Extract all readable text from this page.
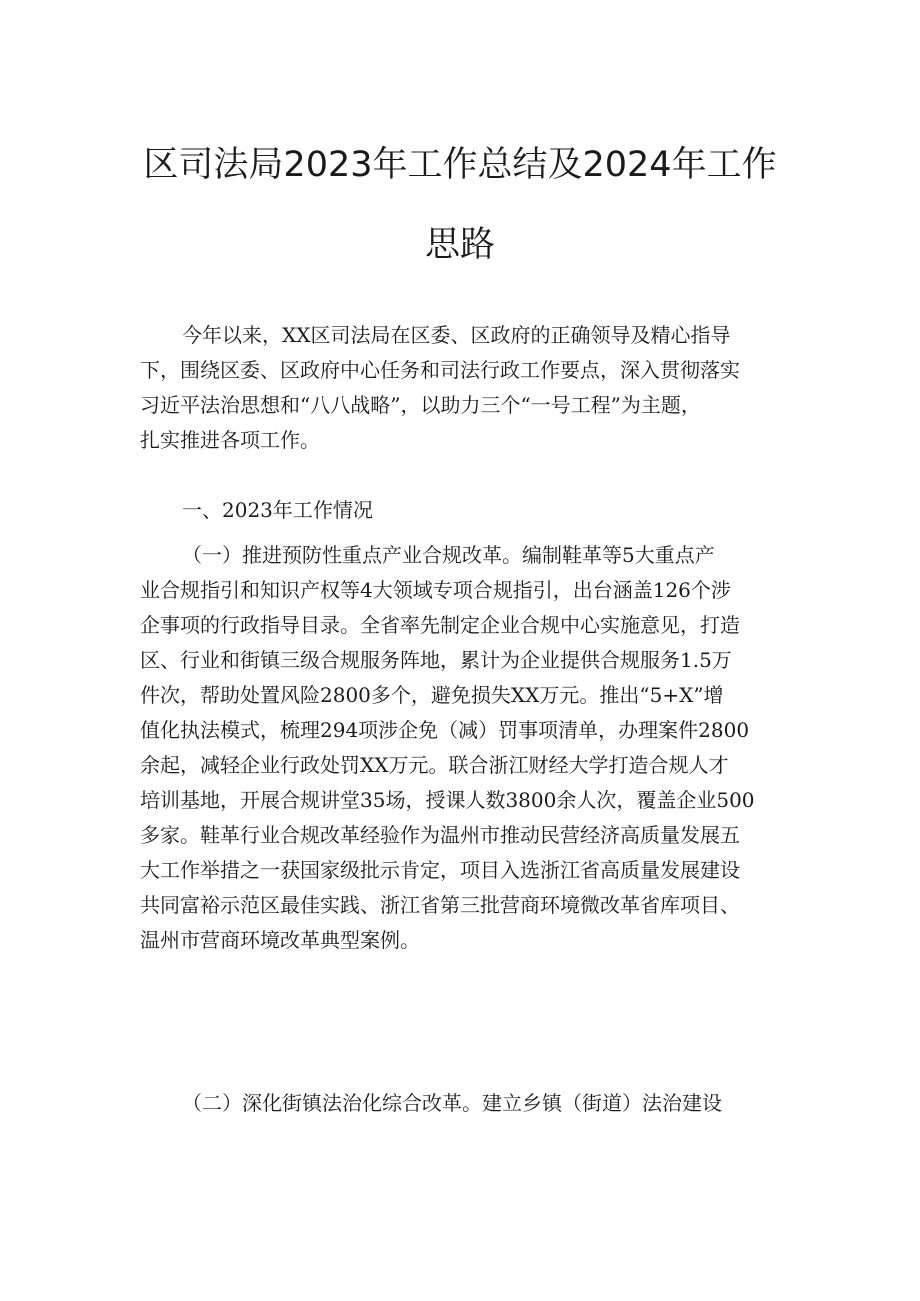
区司法局2023年工作总结及2024年工作
思路
今年以来，XX区司法局在区委、区政府的正确领导及精心指导
下，围绕区委、区政府中心任务和司法行政工作要点，深入贯彻落实
习近平法治思想和“八八战略”，以助力三个“一号工程”为主题，
扎实推进各项工作。
一、2023年工作情况
（一）推进预防性重点产业合规改革。编制鞋革等5大重点产
业合规指引和知识产权等4大领域专项合规指引，出台涵盖126个涉
企事项的行政指导目录。全省率先制定企业合规中心实施意见，打造
区、行业和街镇三级合规服务阵地，累计为企业提供合规服务1.5万
件次，帮助处置风险2800多个，避免损失XX万元。推出“5+X”增
值化执法模式，梳理294项涉企免（减）罚事项清单，办理案件2800
余起，减轻企业行政处罚XX万元。联合浙江财经大学打造合规人才
培训基地，开展合规讲堂35场，授课人数3800余人次，覆盖企业500
多家。鞋革行业合规改革经验作为温州市推动民营经济高质量发展五
大工作举措之一获国家级批示肯定，项目入选浙江省高质量发展建设
共同富裕示范区最佳实践、浙江省第三批营商环境微改革省库项目、
温州市营商环境改革典型案例。
（二）深化街镇法治化综合改革。建立乡镇（街道）法治建设
